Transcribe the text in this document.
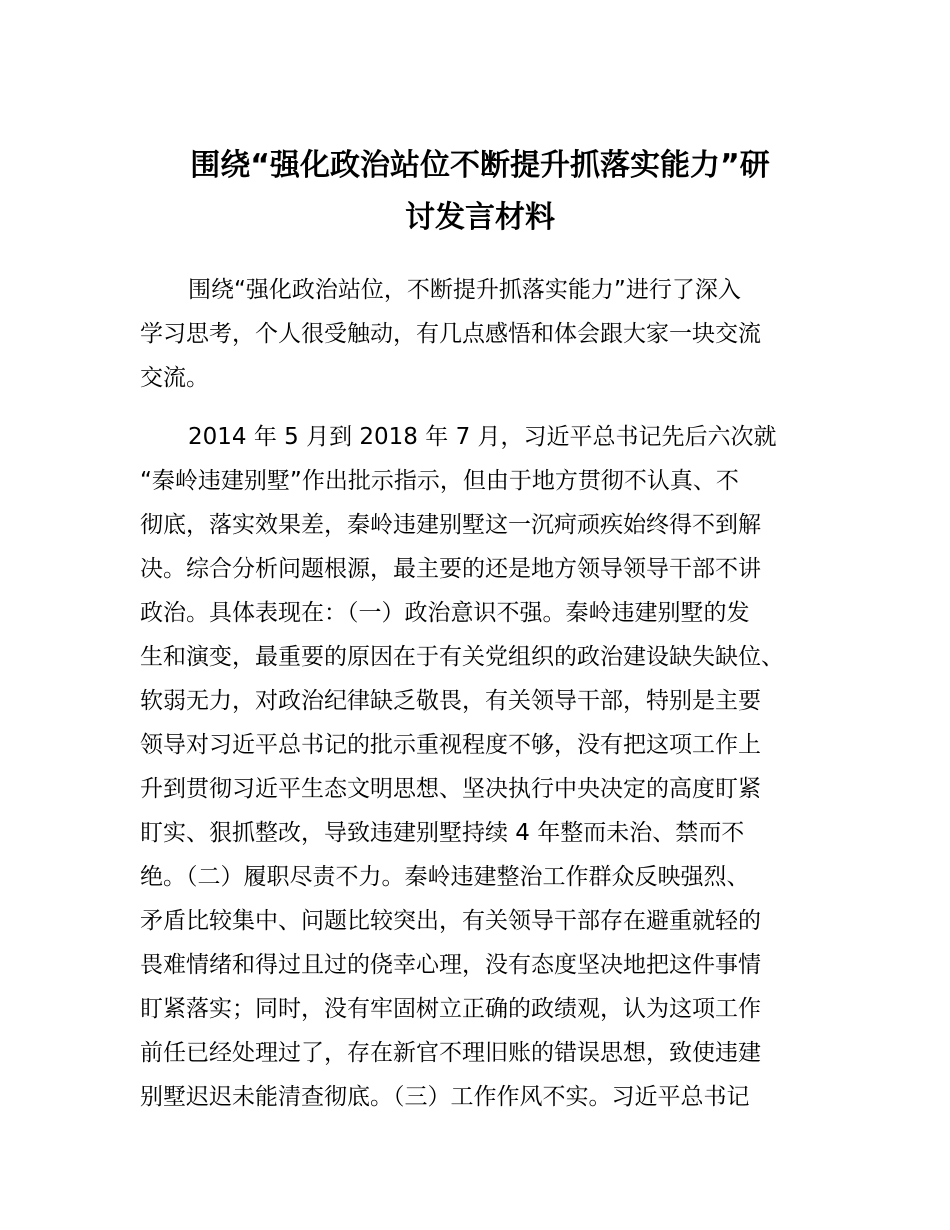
围绕“强化政治站位不断提升抓落实能力”研
讨发言材料
围绕“强化政治站位，不断提升抓落实能力”进行了深入
学习思考，个人很受触动，有几点感悟和体会跟大家一块交流
交流。
2014 年 5 月到 2018 年 7 月，习近平总书记先后六次就
“秦岭违建别墅”作出批示指示，但由于地方贯彻不认真、不
彻底，落实效果差，秦岭违建别墅这一沉疴顽疾始终得不到解
决。综合分析问题根源，最主要的还是地方领导领导干部不讲
政治。具体表现在：（一）政治意识不强。秦岭违建别墅的发
生和演变，最重要的原因在于有关党组织的政治建设缺失缺位、
软弱无力，对政治纪律缺乏敬畏，有关领导干部，特别是主要
领导对习近平总书记的批示重视程度不够，没有把这项工作上
升到贯彻习近平生态文明思想、坚决执行中央决定的高度盯紧
盯实、狠抓整改，导致违建别墅持续 4 年整而未治、禁而不
绝。（二）履职尽责不力。秦岭违建整治工作群众反映强烈、
矛盾比较集中、问题比较突出，有关领导干部存在避重就轻的
畏难情绪和得过且过的侥幸心理，没有态度坚决地把这件事情
盯紧落实；同时，没有牢固树立正确的政绩观，认为这项工作
前任已经处理过了，存在新官不理旧账的错误思想，致使违建
别墅迟迟未能清查彻底。（三）工作作风不实。习近平总书记
